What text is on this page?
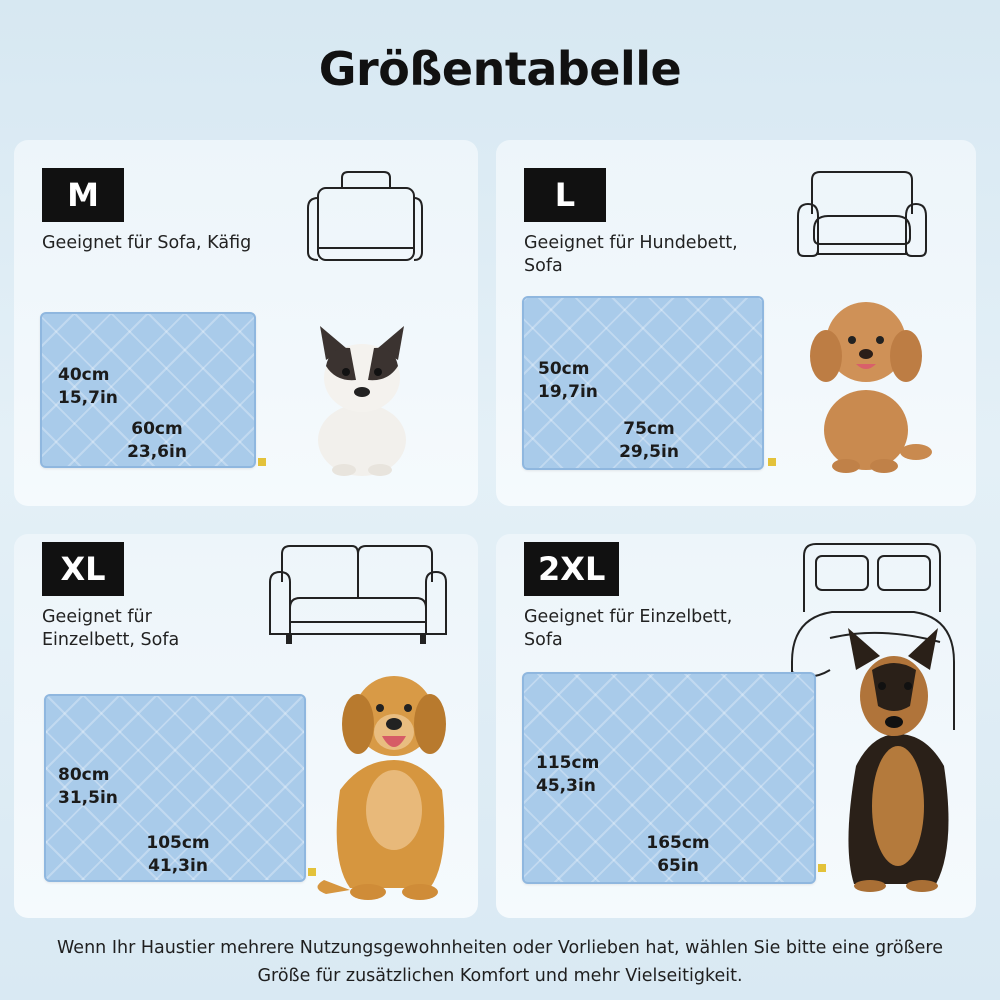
Größentabelle
M
Geeignet für Sofa, Käfig
40cm
15,7in
60cm
23,6in
L
Geeignet für Hundebett, Sofa
50cm
19,7in
75cm
29,5in
XL
Geeignet für Einzelbett, Sofa
80cm
31,5in
105cm
41,3in
2XL
Geeignet für Einzelbett, Sofa
115cm
45,3in
165cm
65in
Wenn Ihr Haustier mehrere Nutzungsgewohnheiten oder Vorlieben hat, wählen Sie bitte eine größere Größe für zusätzlichen Komfort und mehr Vielseitigkeit.
